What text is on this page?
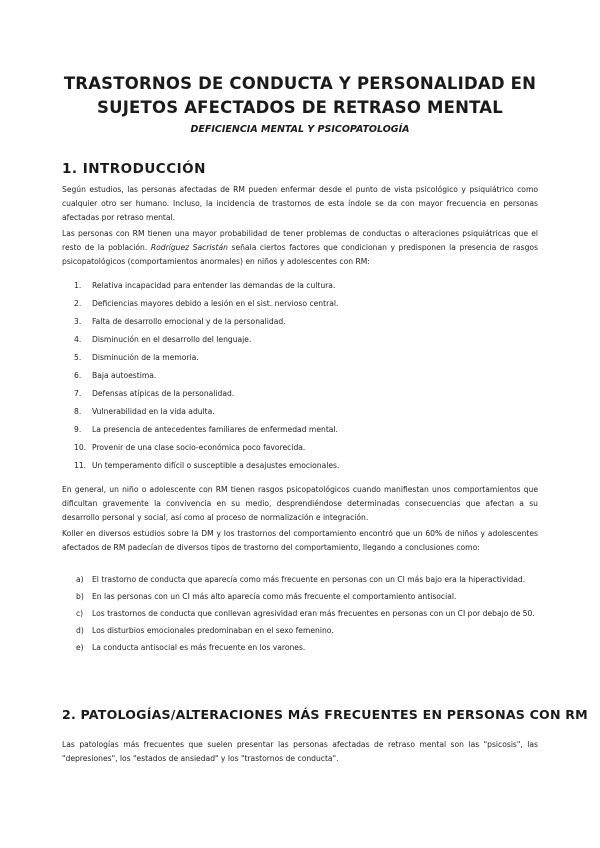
TRASTORNOS DE CONDUCTA Y PERSONALIDAD EN
SUJETOS AFECTADOS DE RETRASO MENTAL
DEFICIENCIA MENTAL Y PSICOPATOLOGÍA
1. INTRODUCCIÓN
Según estudios, las personas afectadas de RM pueden enfermar desde el punto de vista psicológico y psiquiátrico como cualquier otro ser humano. Incluso, la incidencia de trastornos de esta índole se da con mayor frecuencia en personas afectadas por retraso mental.
Las personas con RM tienen una mayor probabilidad de tener problemas de conductas o alteraciones psiquiátricas que el resto de la población. Rodríguez Sacristán señala ciertos factores que condicionan y predisponen la presencia de rasgos psicopatológicos (comportamientos anormales) en niños y adolescentes con RM:
1. Relativa incapacidad para entender las demandas de la cultura.
2. Deficiencias mayores debido a lesión en el sist. nervioso central.
3. Falta de desarrollo emocional y de la personalidad.
4. Disminución en el desarrollo del lenguaje.
5. Disminución de la memoria.
6. Baja autoestima.
7. Defensas atípicas de la personalidad.
8. Vulnerabilidad en la vida adulta.
9. La presencia de antecedentes familiares de enfermedad mental.
10. Provenir de una clase socio-económica poco favorecida.
11. Un temperamento difícil o susceptible a desajustes emocionales.
En general, un niño o adolescente con RM tienen rasgos psicopatológicos cuando manifiestan unos comportamientos que dificultan gravemente la convivencia en su medio, desprendiéndose determinadas consecuencias que afectan a su desarrollo personal y social, así como al proceso de normalización e integración.
Koller en diversos estudios sobre la DM y los trastornos del comportamiento encontró que un 60% de niños y adolescentes afectados de RM padecían de diversos tipos de trastorno del comportamiento, llegando a conclusiones como:
a) El trastorno de conducta que aparecía como más frecuente en personas con un CI más bajo era la hiperactividad.
b) En las personas con un CI más alto aparecía como más frecuente el comportamiento antisocial.
c) Los trastornos de conducta que conllevan agresividad eran más frecuentes en personas con un CI por debajo de 50.
d) Los disturbios emocionales predominaban en el sexo femenino.
e) La conducta antisocial es más frecuente en los varones.
2. PATOLOGÍAS/ALTERACIONES MÁS FRECUENTES EN PERSONAS CON RM
Las patologías más frecuentes que suelen presentar las personas afectadas de retraso mental son las "psicosis", las "depresiones", los "estados de ansiedad" y los "trastornos de conducta".
